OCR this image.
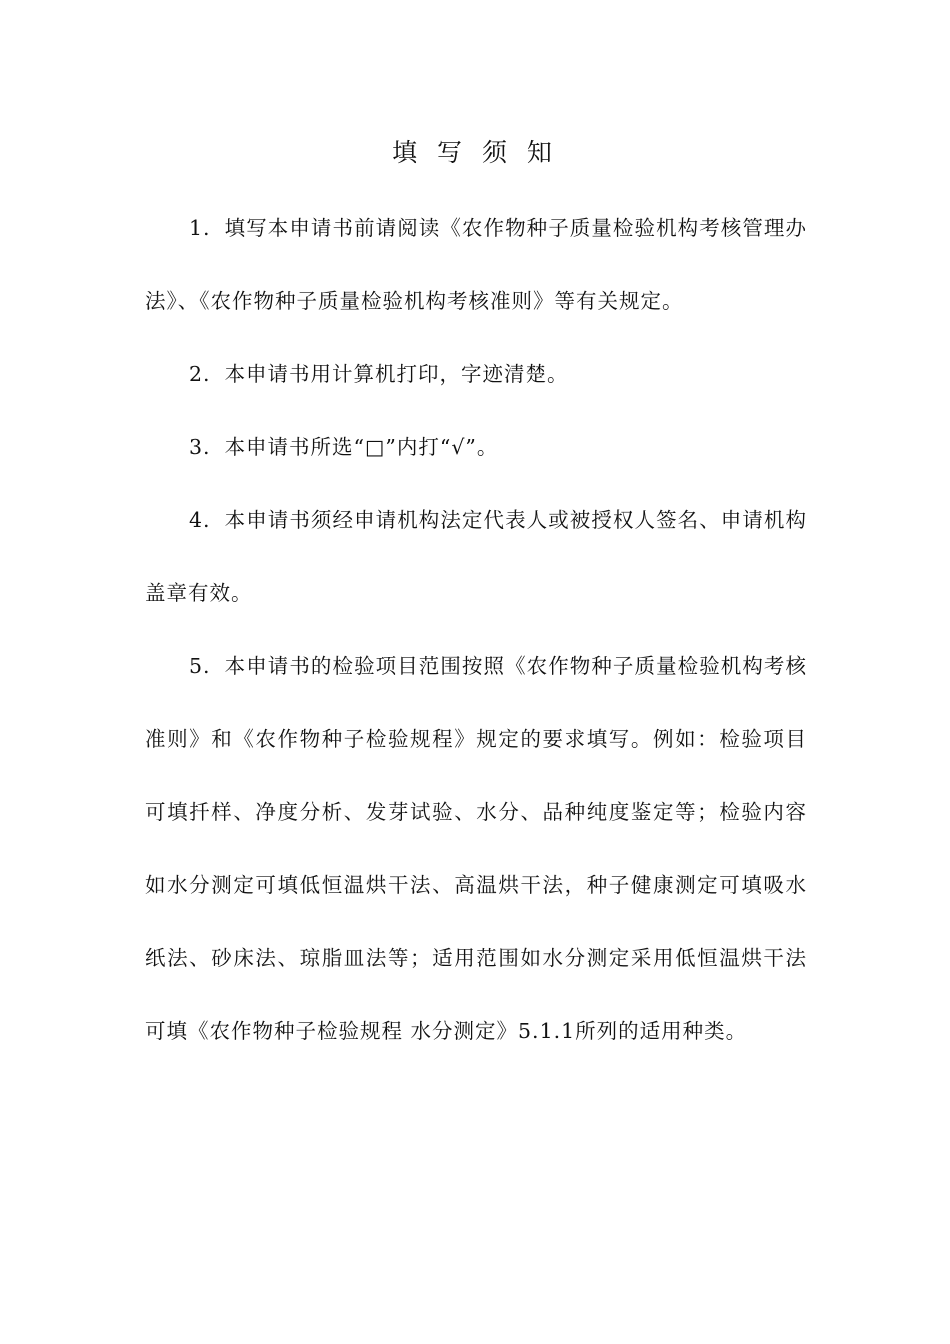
填 写 须 知

1. 填写本申请书前请阅读《农作物种子质量检验机构考核管理办法》、《农作物种子质量检验机构考核准则》等有关规定。

2. 本申请书用计算机打印，字迹清楚。

3. 本申请书所选“□”内打“√”。

4. 本申请书须经申请机构法定代表人或被授权人签名、申请机构盖章有效。

5. 本申请书的检验项目范围按照《农作物种子质量检验机构考核准则》和《农作物种子检验规程》规定的要求填写。例如：检验项目可填扦样、净度分析、发芽试验、水分、品种纯度鉴定等；检验内容如水分测定可填低恒温烘干法、高温烘干法，种子健康测定可填吸水纸法、砂床法、琼脂皿法等；适用范围如水分测定采用低恒温烘干法可填《农作物种子检验规程 水分测定》5.1.1所列的适用种类。
